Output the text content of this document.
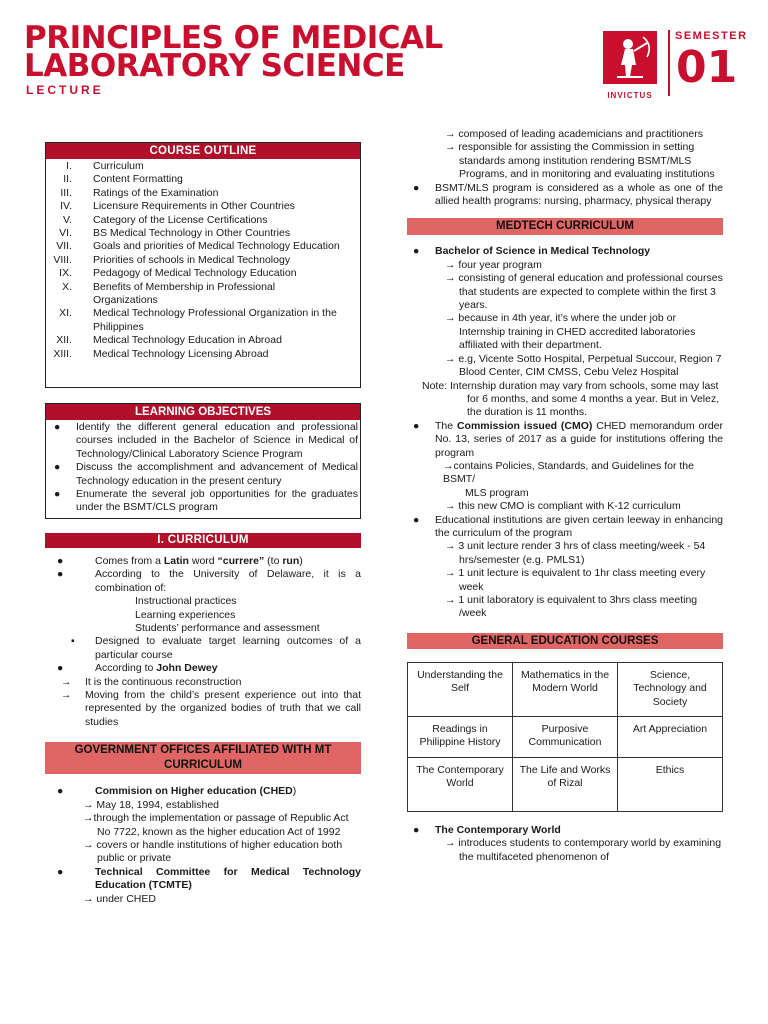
PRINCIPLES OF MEDICAL
LABORATORY SCIENCE
LECTURE	INVICTUS
SEMESTER
01
COURSE OUTLINE
I.	Curriculum
II.	Content Formatting
III.	Ratings of the Examination
IV.	Licensure Requirements in Other Countries
V.	Category of the License Certifications
VI.	BS Medical Technology in Other Countries
VII.	Goals and priorities of Medical Technology Education
VIII.	Priorities of schools in Medical Technology
IX.	Pedagogy of Medical Technology Education
X.	Benefits of Membership in Professional Organizations
XI.	Medical Technology Professional Organization in the Philippines
XII.	Medical Technology Education in Abroad
XIII.	Medical Technology Licensing Abroad
LEARNING OBJECTIVES
●	Identify the different general education and professional courses included in the Bachelor of Science in Medical of Technology/Clinical Laboratory Science Program
●	Discuss the accomplishment and advancement of Medical Technology education in the present century
●	Enumerate the several job opportunities for the graduates under the BSMT/CLS program
I. CURRICULUM
●	Comes from a Latin word “currere” (to run)
●	According to the University of Delaware, it is a combination of:
Instructional practices
Learning experiences
Students’ performance and assessment
▪	Designed to evaluate target learning outcomes of a particular course
●	According to John Dewey
→	It is the continuous reconstruction
→	Moving from the child’s present experience out into that represented by the organized bodies of truth that we call studies
GOVERNMENT OFFICES AFFILIATED WITH MT CURRICULUM
●	Commision on Higher education (CHED)
→ May 18, 1994, established
→through the implementation or passage of Republic Act No 7722, known as the higher education Act of 1992
→ covers or handle institutions of higher education both public or private
●	Technical Committee for Medical Technology Education (TCMTE)
→ under CHED
→ composed of leading academicians and practitioners
→ responsible for assisting the Commission in setting standards among institution rendering BSMT/MLS Programs, and in monitoring and evaluating institutions
●	BSMT/MLS program is considered as a whole as one of the allied health programs: nursing, pharmacy, physical therapy
MEDTECH CURRICULUM
●	Bachelor of Science in Medical Technology
→ four year program
→ consisting of general education and professional courses that students are expected to complete within the first 3 years.
→ because in 4th year, it’s where the under job or Internship training in CHED accredited laboratories affiliated with their department.
→ e.g, Vicente Sotto Hospital, Perpetual Succour, Region 7 Blood Center, CIM CMSS, Cebu Velez Hospital
Note: Internship duration may vary from schools, some may last for 6 months, and some 4 months a year. But in Velez, the duration is 11 months.
●	The Commission issued (CMO) CHED memorandum order No. 13, series of 2017 as a guide for institutions offering the program
→contains Policies, Standards, and Guidelines for the BSMT/
MLS program
→ this new CMO is compliant with K-12 curriculum
●	Educational institutions are given certain leeway in enhancing the curriculum of the program
→ 3 unit lecture render 3 hrs of class meeting/week - 54 hrs/semester (e.g. PMLS1)
→ 1 unit lecture is equivalent to 1hr class meeting every week
→ 1 unit laboratory is equivalent to 3hrs class meeting /week
GENERAL EDUCATION COURSES
Understanding the Self	Mathematics in the Modern World	Science, Technology and Society
Readings in Philippine History	Purposive Communication	Art Appreciation
The Contemporary World	The Life and Works of Rizal	Ethics
●	The Contemporary World
→ introduces students to contemporary world by examining the multifaceted phenomenon of
